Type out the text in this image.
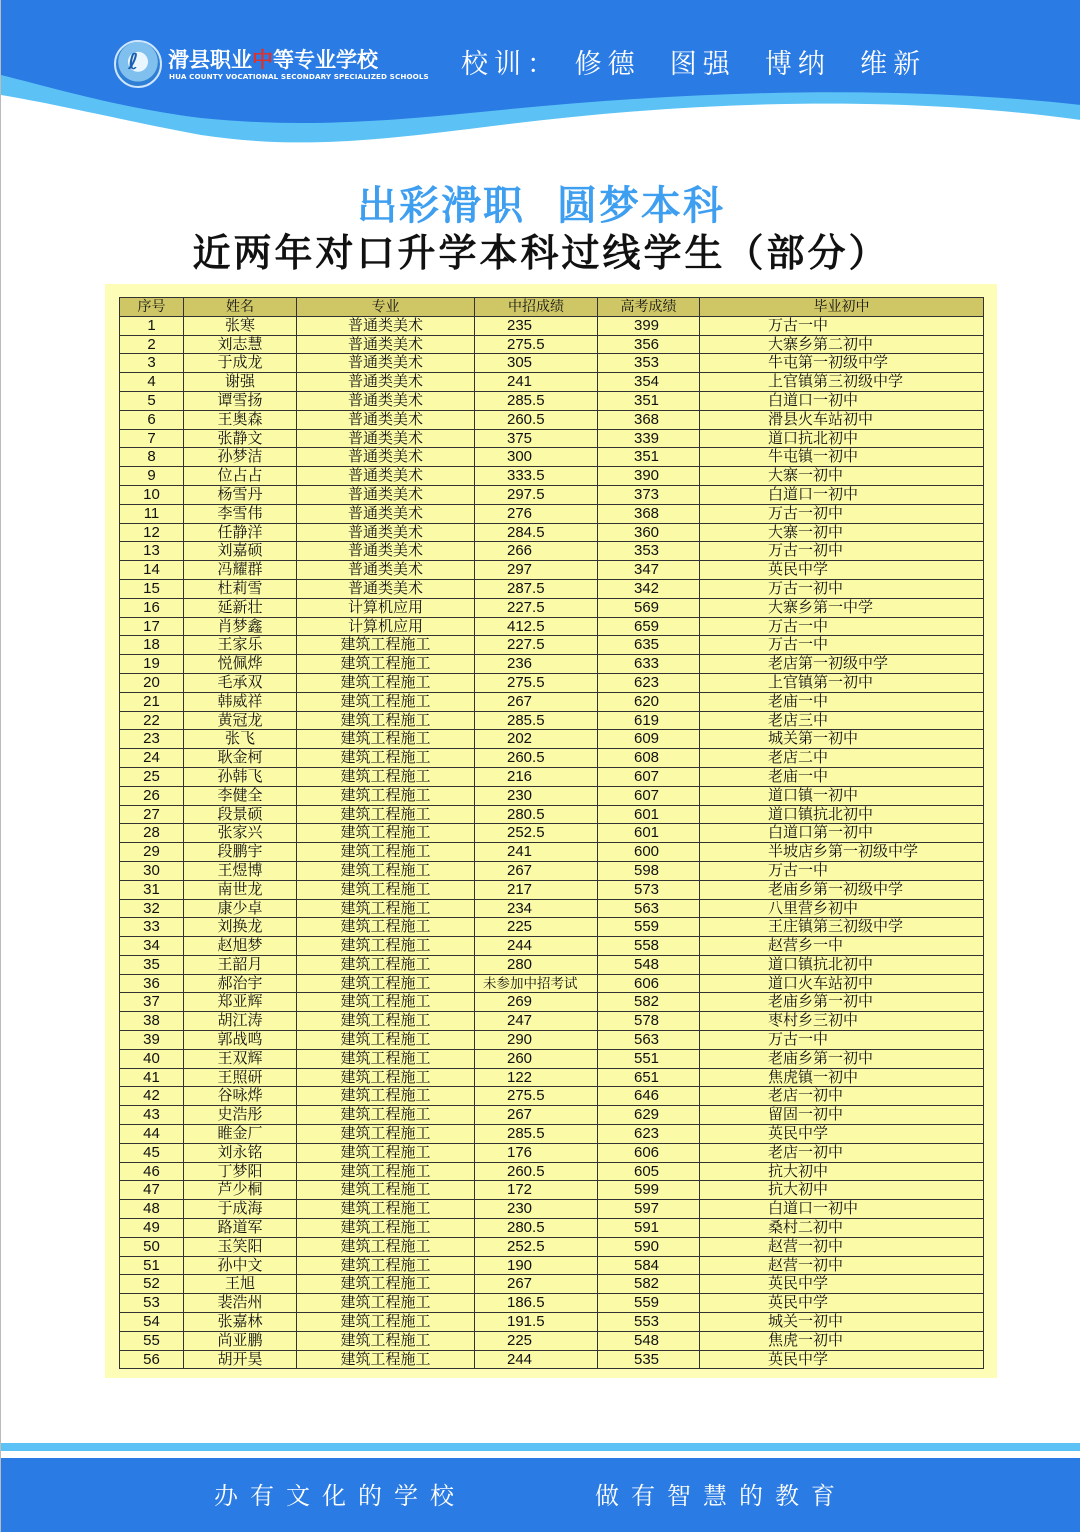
ℓ 滑县职业中等专业学校
HUA COUNTY VOCATIONAL SECONDARY SPECIALIZED SCHOOLS 校训： 修德  图强  博纳  维新
出彩滑职  圆梦本科
近两年对口升学本科过线学生（部分）
序号	姓名	专业	中招成绩	高考成绩	毕业初中
1	张寒	普通类美术	235	399	万古一中
2	刘志慧	普通类美术	275.5	356	大寨乡第二初中
3	于成龙	普通类美术	305	353	牛屯第一初级中学
4	谢强	普通类美术	241	354	上官镇第三初级中学
5	谭雪扬	普通类美术	285.5	351	白道口一初中
6	王奥森	普通类美术	260.5	368	滑县火车站初中
7	张静文	普通类美术	375	339	道口抗北初中
8	孙梦洁	普通类美术	300	351	牛屯镇一初中
9	位占占	普通类美术	333.5	390	大寨一初中
10	杨雪丹	普通类美术	297.5	373	白道口一初中
11	李雪伟	普通类美术	276	368	万古一初中
12	任静洋	普通类美术	284.5	360	大寨一初中
13	刘嘉硕	普通类美术	266	353	万古一初中
14	冯耀群	普通类美术	297	347	英民中学
15	杜莉雪	普通类美术	287.5	342	万古一初中
16	延新壮	计算机应用	227.5	569	大寨乡第一中学
17	肖梦鑫	计算机应用	412.5	659	万古一中
18	王家乐	建筑工程施工	227.5	635	万古一中
19	悦佩烨	建筑工程施工	236	633	老店第一初级中学
20	毛承双	建筑工程施工	275.5	623	上官镇第一初中
21	韩威祥	建筑工程施工	267	620	老庙一中
22	黄冠龙	建筑工程施工	285.5	619	老店三中
23	张飞	建筑工程施工	202	609	城关第一初中
24	耿金柯	建筑工程施工	260.5	608	老店二中
25	孙韩飞	建筑工程施工	216	607	老庙一中
26	李健全	建筑工程施工	230	607	道口镇一初中
27	段景硕	建筑工程施工	280.5	601	道口镇抗北初中
28	张家兴	建筑工程施工	252.5	601	白道口第一初中
29	段鹏宇	建筑工程施工	241	600	半坡店乡第一初级中学
30	王煜博	建筑工程施工	267	598	万古一中
31	南世龙	建筑工程施工	217	573	老庙乡第一初级中学
32	康少卓	建筑工程施工	234	563	八里营乡初中
33	刘换龙	建筑工程施工	225	559	王庄镇第三初级中学
34	赵旭梦	建筑工程施工	244	558	赵营乡一中
35	王韶月	建筑工程施工	280	548	道口镇抗北初中
36	郝治宇	建筑工程施工	未参加中招考试	606	道口火车站初中
37	郑亚辉	建筑工程施工	269	582	老庙乡第一初中
38	胡江涛	建筑工程施工	247	578	枣村乡三初中
39	郭战鸣	建筑工程施工	290	563	万古一中
40	王双辉	建筑工程施工	260	551	老庙乡第一初中
41	王照研	建筑工程施工	122	651	焦虎镇一初中
42	谷咏烨	建筑工程施工	275.5	646	老店一初中
43	史浩彤	建筑工程施工	267	629	留固一初中
44	睢金厂	建筑工程施工	285.5	623	英民中学
45	刘永铭	建筑工程施工	176	606	老店一初中
46	丁梦阳	建筑工程施工	260.5	605	抗大初中
47	芦少桐	建筑工程施工	172	599	抗大初中
48	于成海	建筑工程施工	230	597	白道口一初中
49	路道军	建筑工程施工	280.5	591	桑村二初中
50	玉笑阳	建筑工程施工	252.5	590	赵营一初中
51	孙中文	建筑工程施工	190	584	赵营一初中
52	王旭	建筑工程施工	267	582	英民中学
53	裴浩州	建筑工程施工	186.5	559	英民中学
54	张嘉林	建筑工程施工	191.5	553	城关一初中
55	尚亚鹏	建筑工程施工	225	548	焦虎一初中
56	胡开昊	建筑工程施工	244	535	英民中学
办有文化的学校	做有智慧的教育
